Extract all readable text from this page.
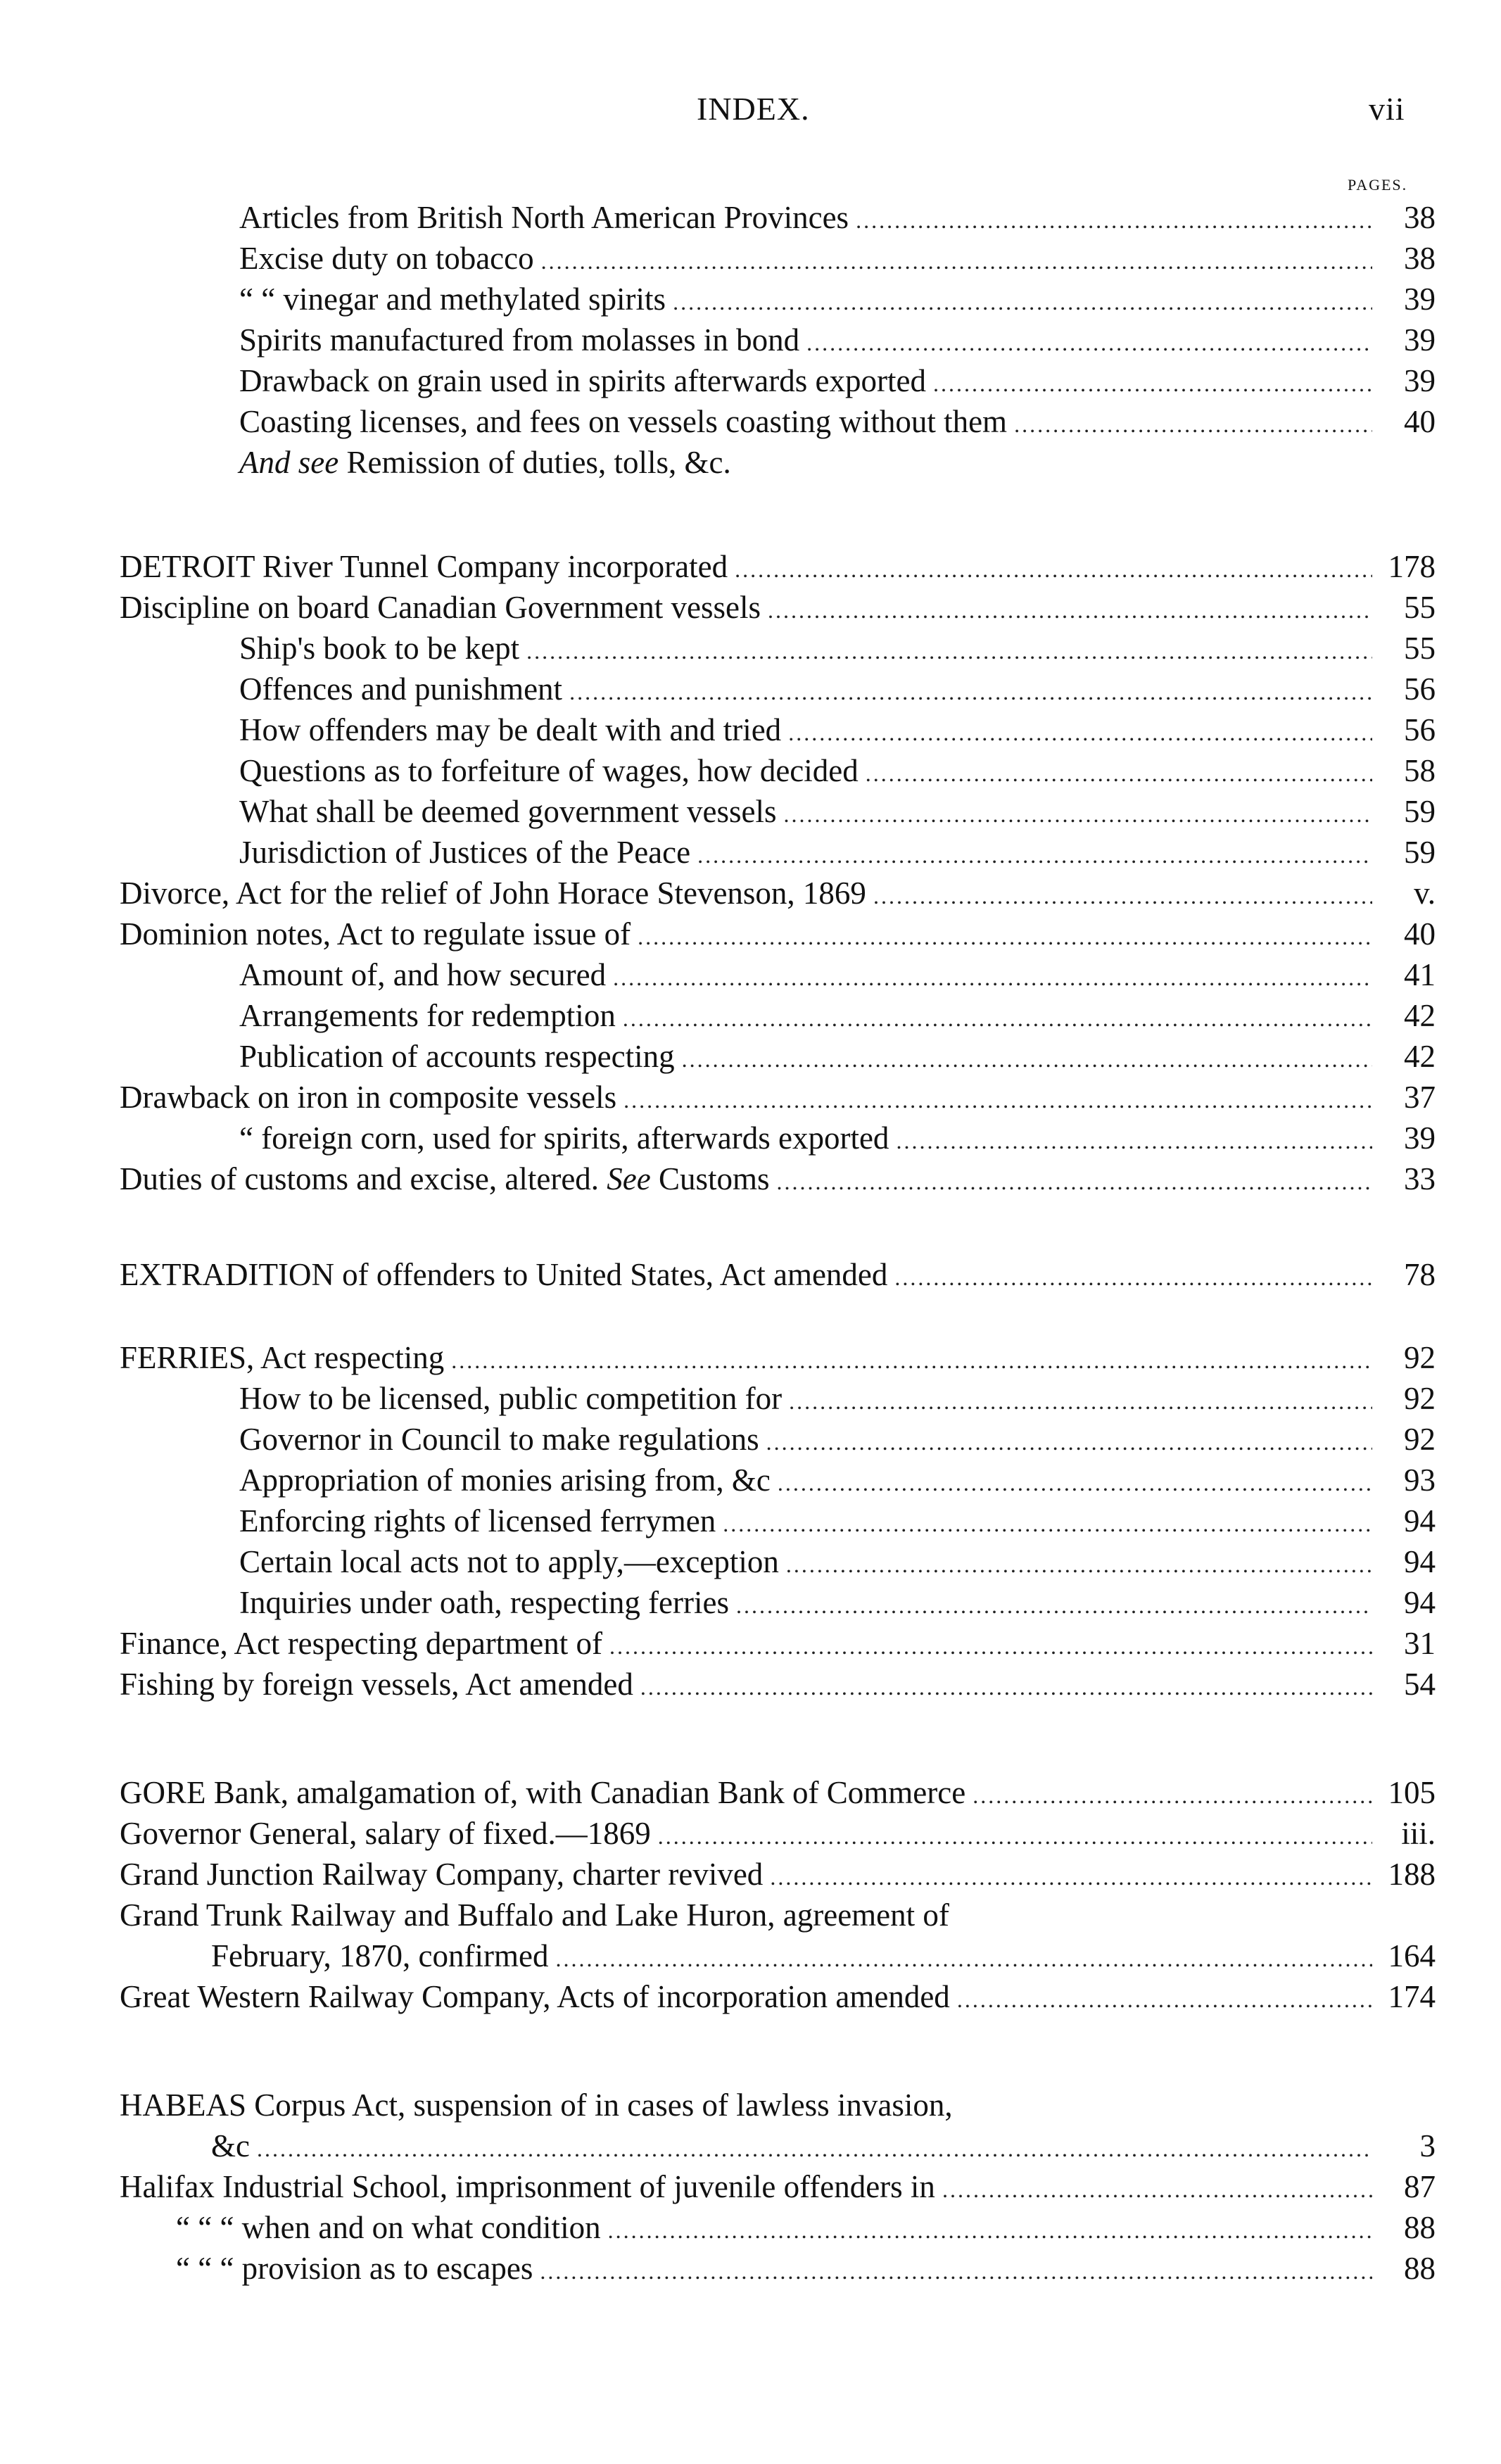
INDEX.	vii
PAGES.
Articles from British North American Provinces .....	38
Excise duty on tobacco .....	38
“ “ vinegar and methylated spirits .....	39
Spirits manufactured from molasses in bond .....	39
Drawback on grain used in spirits afterwards exported .....	39
Coasting licenses, and fees on vessels coasting without them .....	40
And see Remission of duties, tolls, &c.
DETROIT River Tunnel Company incorporated .....	178
Discipline on board Canadian Government vessels .....	55
Ship's book to be kept .....	55
Offences and punishment .....	56
How offenders may be dealt with and tried .....	56
Questions as to forfeiture of wages, how decided .....	58
What shall be deemed government vessels .....	59
Jurisdiction of Justices of the Peace .....	59
Divorce, Act for the relief of John Horace Stevenson, 1869 .....	v.
Dominion notes, Act to regulate issue of .....	40
Amount of, and how secured .....	41
Arrangements for redemption .....	42
Publication of accounts respecting .....	42
Drawback on iron in composite vessels .....	37
“ foreign corn, used for spirits, afterwards exported .....	39
Duties of customs and excise, altered. See Customs .....	33
EXTRADITION of offenders to United States, Act amended .....	78
FERRIES, Act respecting .....	92
How to be licensed, public competition for .....	92
Governor in Council to make regulations .....	92
Appropriation of monies arising from, &c .....	93
Enforcing rights of licensed ferrymen .....	94
Certain local acts not to apply,—exception .....	94
Inquiries under oath, respecting ferries .....	94
Finance, Act respecting department of .....	31
Fishing by foreign vessels, Act amended .....	54
GORE Bank, amalgamation of, with Canadian Bank of Commerce .....	105
Governor General, salary of fixed.—1869 .....	iii.
Grand Junction Railway Company, charter revived .....	188
Grand Trunk Railway and Buffalo and Lake Huron, agreement of
February, 1870, confirmed .....	164
Great Western Railway Company, Acts of incorporation amended .....	174
HABEAS Corpus Act, suspension of in cases of lawless invasion,
&c .....	3
Halifax Industrial School, imprisonment of juvenile offenders in .....	87
“ “ “ when and on what condition .....	88
“ “ “ provision as to escapes .....	88
